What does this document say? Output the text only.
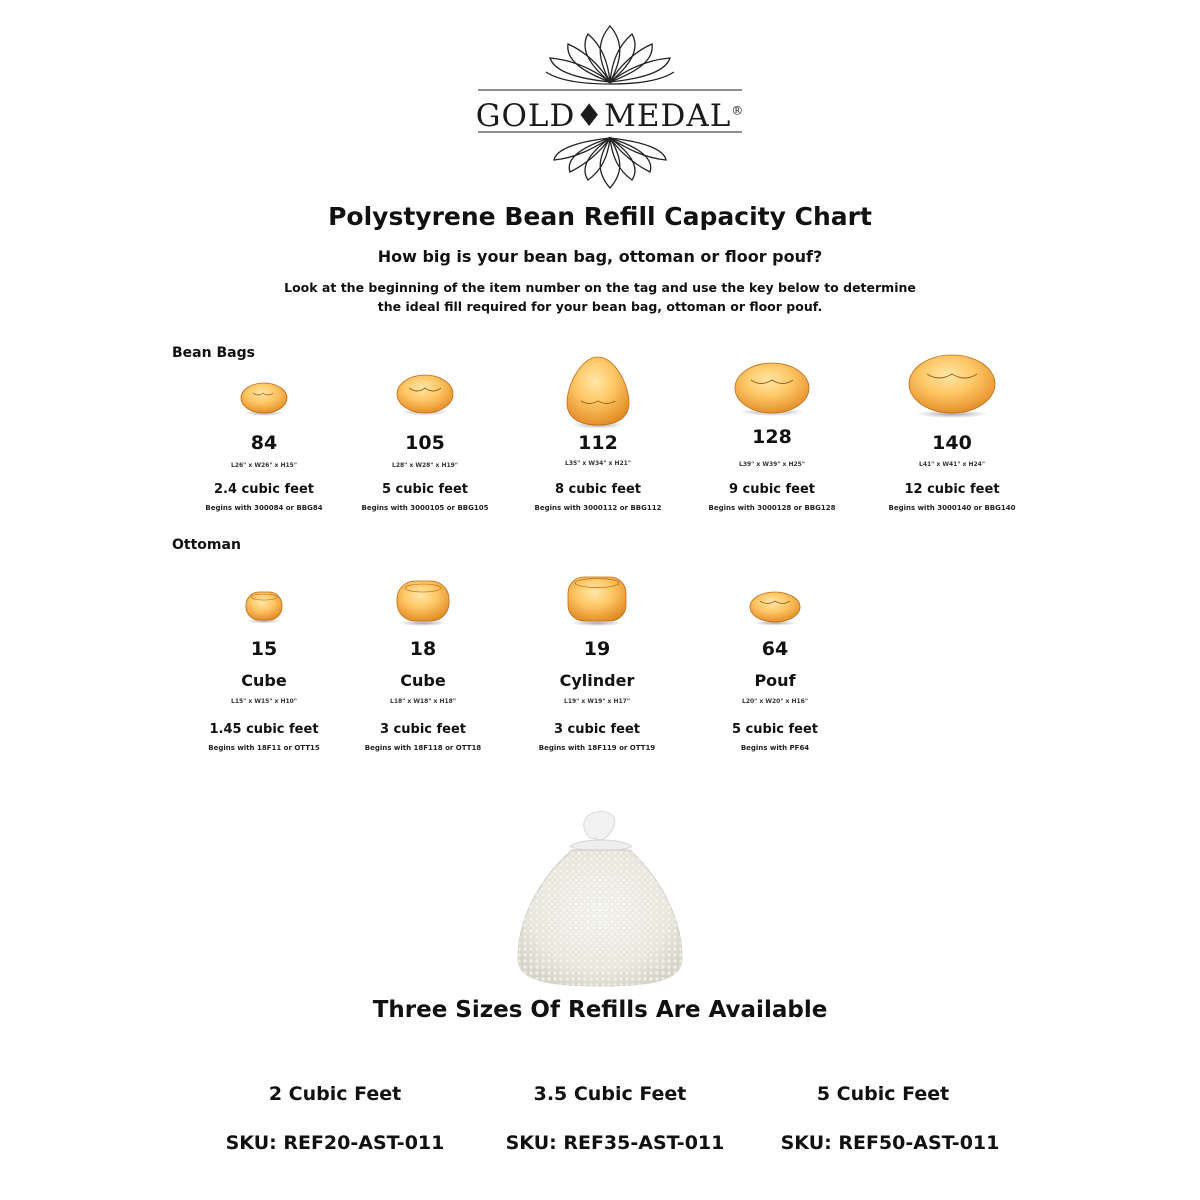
GOLD♦MEDAL®
Polystyrene Bean Refill Capacity Chart
How big is your bean bag, ottoman or floor pouf?
Look at the beginning of the item number on the tag and use the key below to determine
the ideal fill required for your bean bag, ottoman or floor pouf.
Bean Bags
84
L26" x W26" x H15"
2.4 cubic feet
Begins with 300084 or BBG84
105
L28" x W28" x H19"
5 cubic feet
Begins with 3000105 or BBG105
112
L35" x W34" x H21"
8 cubic feet
Begins with 3000112 or BBG112
128
L39" x W39" x H25"
9 cubic feet
Begins with 3000128 or BBG128
140
L41" x W41" x H24"
12 cubic feet
Begins with 3000140 or BBG140
Ottoman
15
Cube
L15" x W15" x H10"
1.45 cubic feet
Begins with 18F11 or OTT15
18
Cube
L18" x W18" x H18"
3 cubic feet
Begins with 18F118 or OTT18
19
Cylinder
L19" x W19" x H17"
3 cubic feet
Begins with 18F119 or OTT19
64
Pouf
L20" x W20" x H16"
5 cubic feet
Begins with PF64
Three Sizes Of Refills Are Available
2 Cubic Feet	3.5 Cubic Feet	5 Cubic Feet
SKU: REF20-AST-011	SKU: REF35-AST-011	SKU: REF50-AST-011
